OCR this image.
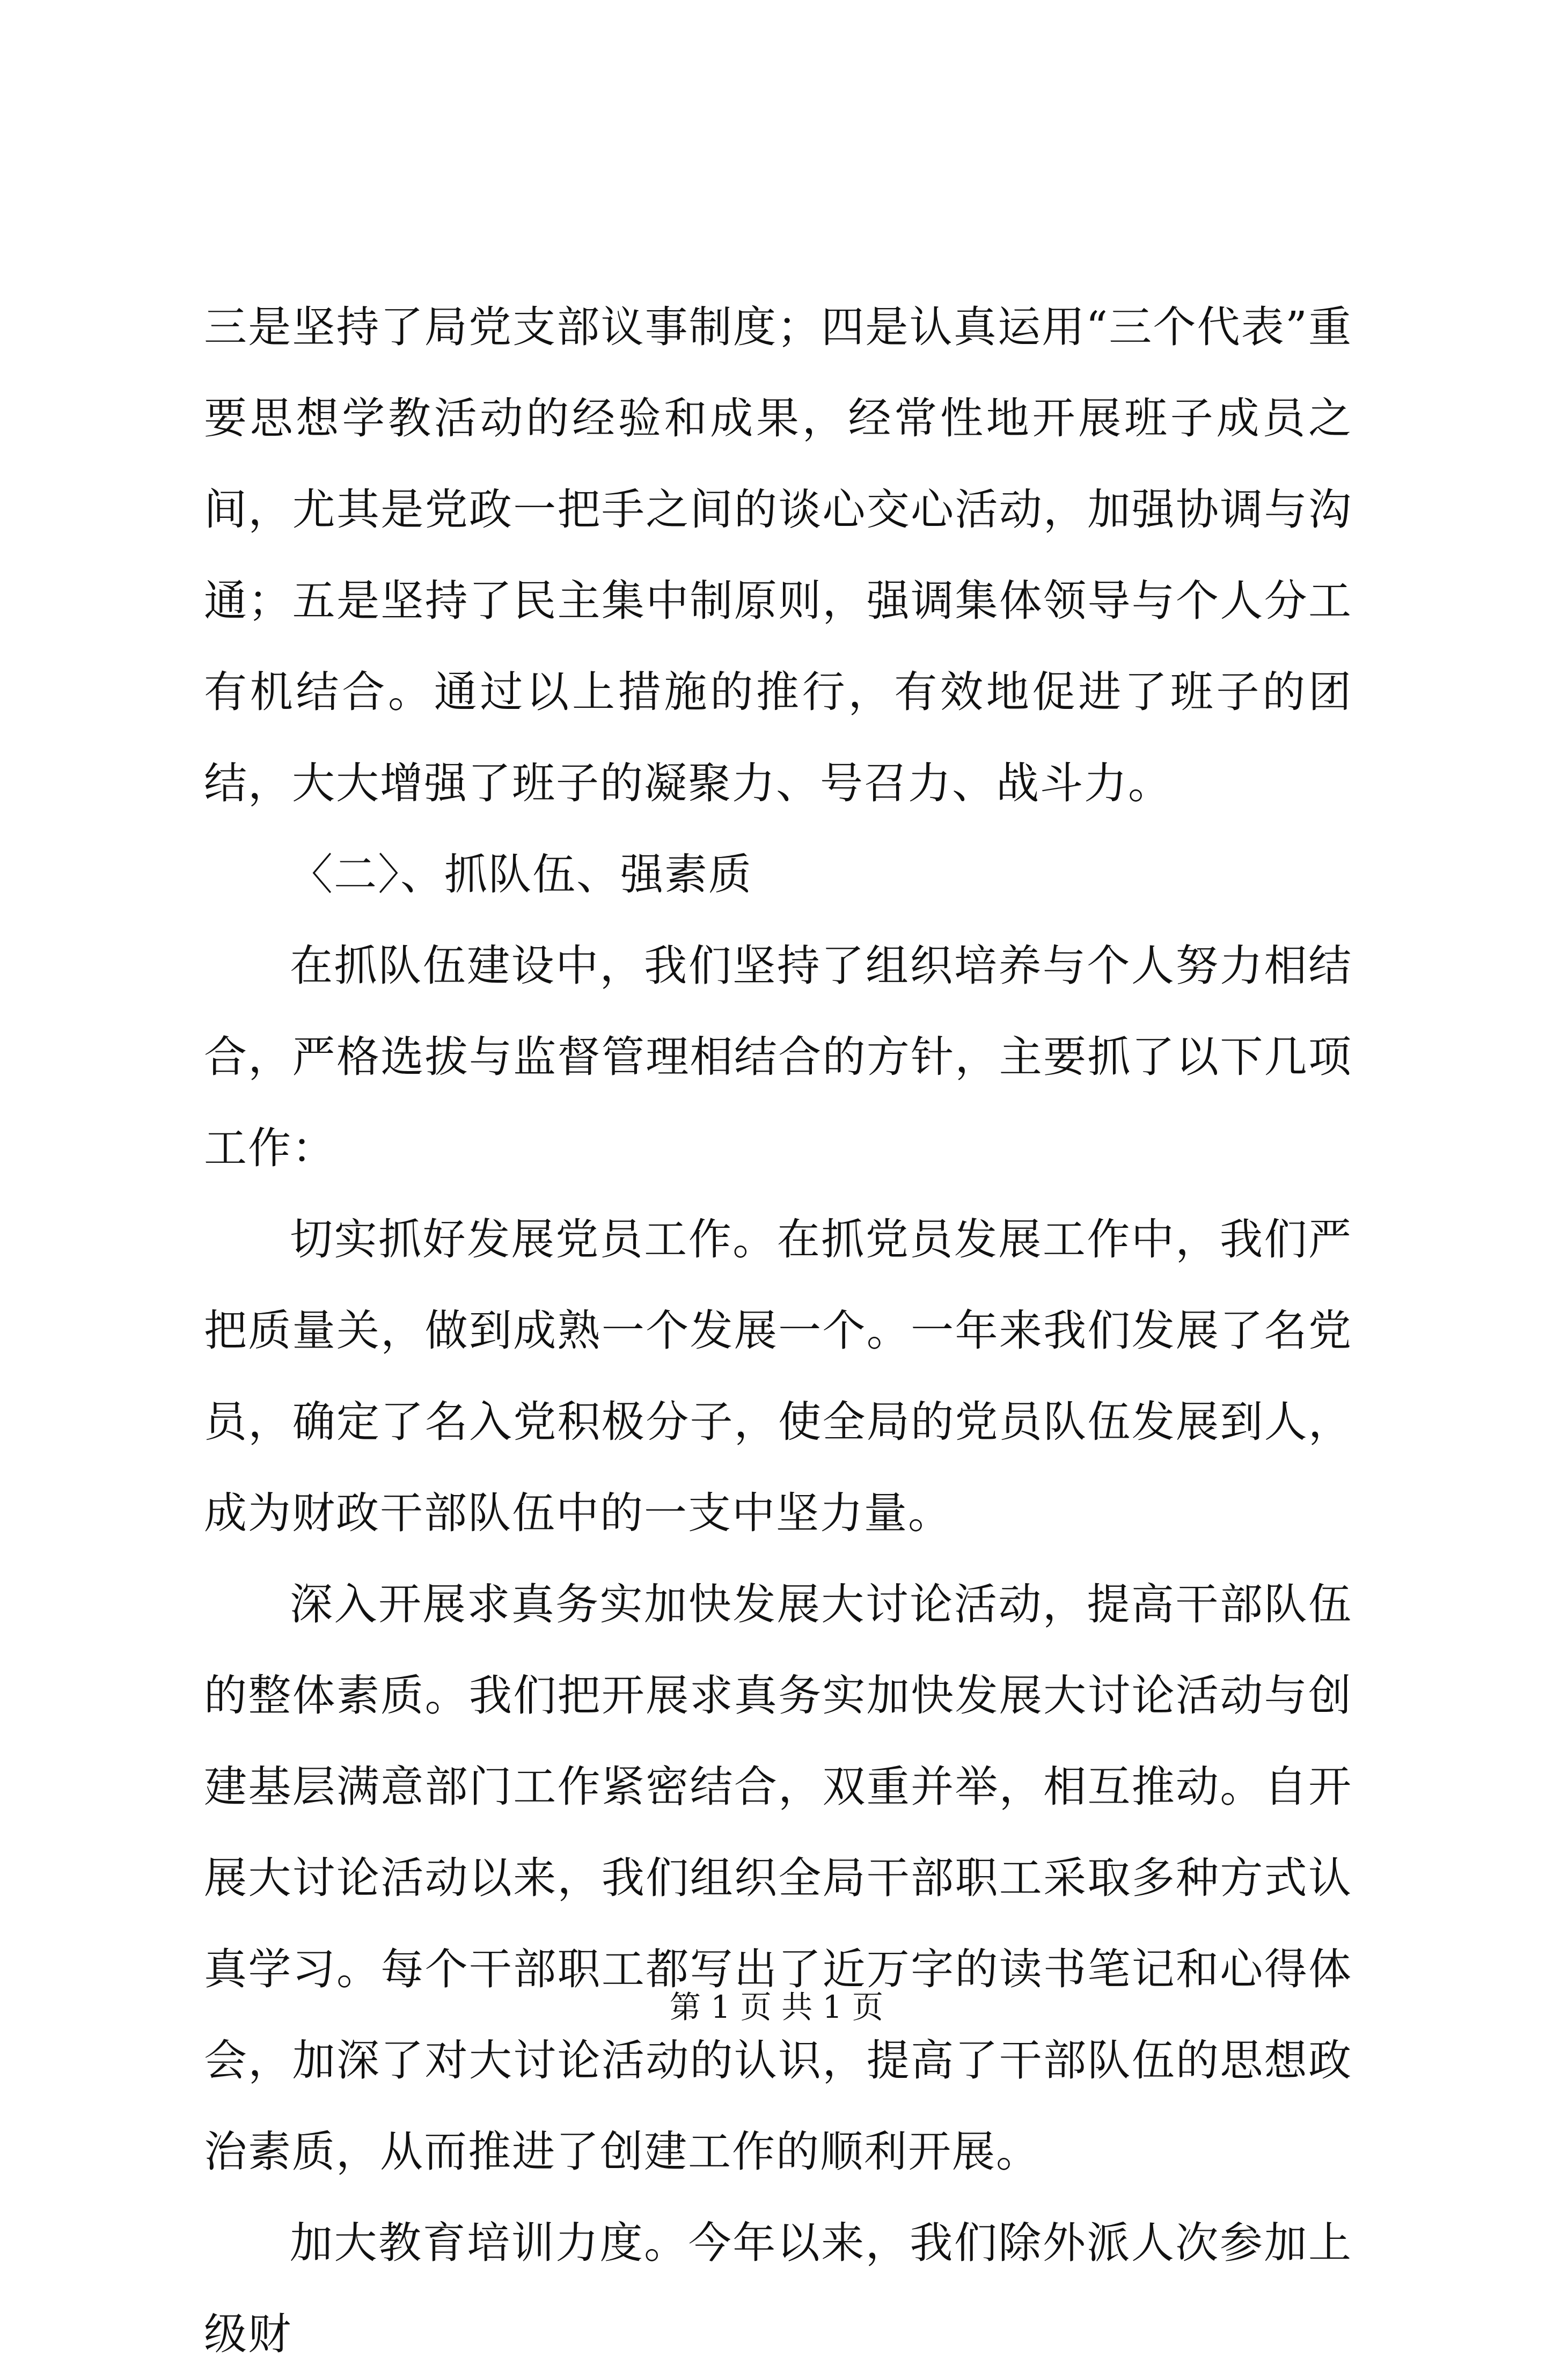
三是坚持了局党支部议事制度；四是认真运用“三个代表”重要思想学教活动的经验和成果，经常性地开展班子成员之间，尤其是党政一把手之间的谈心交心活动，加强协调与沟通；五是坚持了民主集中制原则，强调集体领导与个人分工有机结合。通过以上措施的推行，有效地促进了班子的团结，大大增强了班子的凝聚力、号召力、战斗力。

〈二〉、抓队伍、强素质

在抓队伍建设中，我们坚持了组织培养与个人努力相结合，严格选拔与监督管理相结合的方针，主要抓了以下几项工作：

切实抓好发展党员工作。在抓党员发展工作中，我们严把质量关，做到成熟一个发展一个。一年来我们发展了名党员，确定了名入党积极分子，使全局的党员队伍发展到人，成为财政干部队伍中的一支中坚力量。

深入开展求真务实加快发展大讨论活动，提高干部队伍的整体素质。我们把开展求真务实加快发展大讨论活动与创建基层满意部门工作紧密结合，双重并举，相互推动。自开展大讨论活动以来，我们组织全局干部职工采取多种方式认真学习。每个干部职工都写出了近万字的读书笔记和心得体会，加深了对大讨论活动的认识，提高了干部队伍的思想政治素质，从而推进了创建工作的顺利开展。

加大教育培训力度。今年以来，我们除外派人次参加上级财

第 1 页 共 1 页
